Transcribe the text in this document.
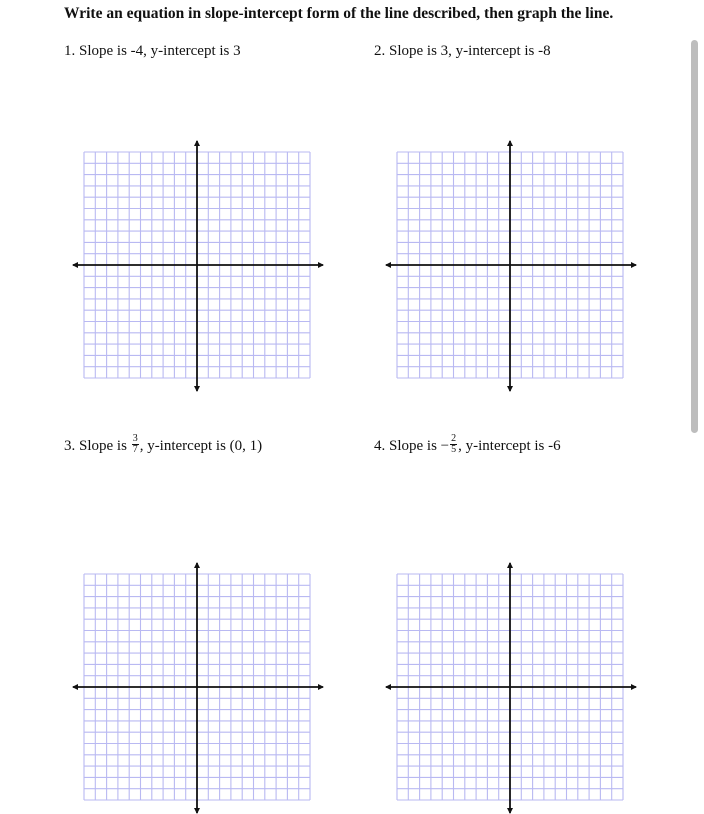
Write an equation in slope-intercept form of the line described, then graph the line.
1. Slope is -4, y-intercept is 3	2. Slope is 3, y-intercept is -8
3. Slope is $\frac{3}{7}$ , y-intercept is (0, 1)	4. Slope is − $\frac{2}{5}$ , y-intercept is -6
